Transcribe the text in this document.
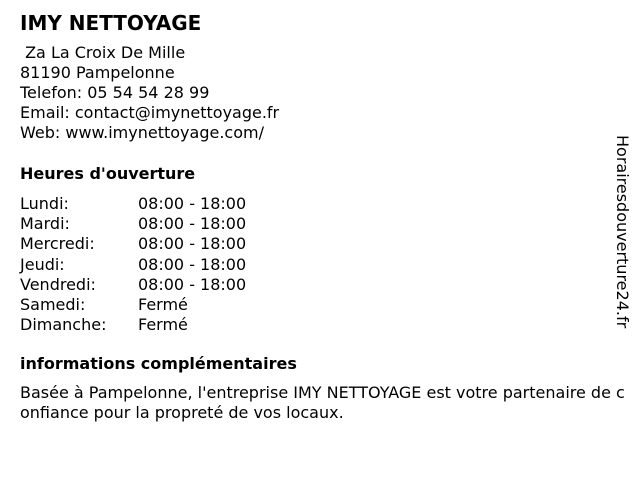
IMY NETTOYAGE
Za La Croix De Mille
81190 Pampelonne
Telefon: 05 54 54 28 99
Email: contact@imynettoyage.fr
Web: www.imynettoyage.com/
Heures d'ouverture
Lundi:	08:00 - 18:00
Mardi:	08:00 - 18:00
Mercredi:	08:00 - 18:00
Jeudi:	08:00 - 18:00
Vendredi:	08:00 - 18:00
Samedi:	Fermé
Dimanche: Fermé
informations complémentaires
Basée à Pampelonne, l'entreprise IMY NETTOYAGE est votre partenaire de confiance pour la propreté de vos locaux.
Horairesdouverture24.fr
